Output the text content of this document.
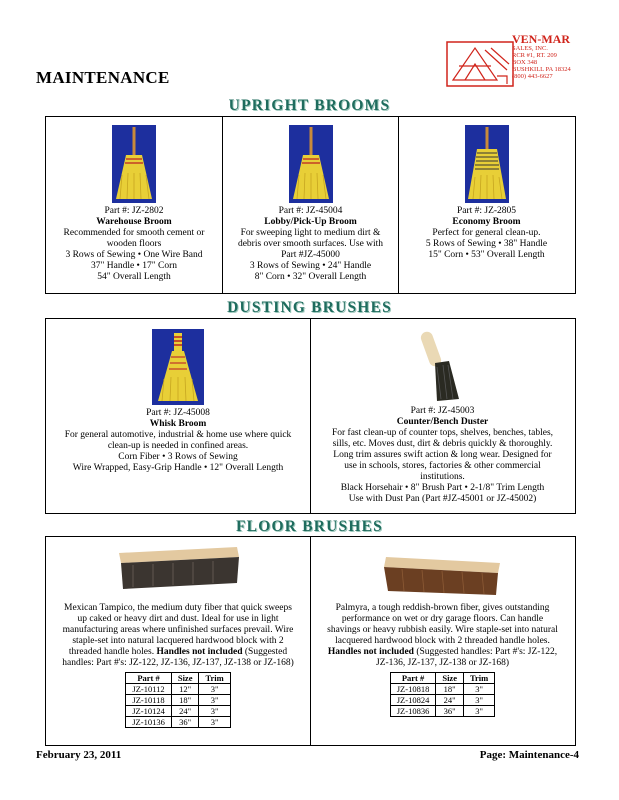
MAINTENANCE
VEN-MAR
SALES, INC.
RCR #1, RT. 209
BOX 348
BUSHKILL PA 18324
(800) 443-6627
UPRIGHT BROOMS
Part #: JZ-2802
Warehouse Broom

Recommended for smooth cement or

wooden floors

3 Rows of Sewing • One Wire Band

37" Handle • 17" Corn

54" Overall Length

Part #: JZ-45004
Lobby/Pick-Up Broom

For sweeping light to medium dirt &

debris over smooth surfaces. Use with

Part #JZ-45000

3 Rows of Sewing • 24" Handle

8" Corn • 32" Overall Length

Part #: JZ-2805
Economy Broom

Perfect for general clean-up.

5 Rows of Sewing • 38" Handle

15" Corn • 53" Overall Length

DUSTING BRUSHES
Part #: JZ-45008
Whisk Broom

For general automotive, industrial & home use where quick

clean-up is needed in confined areas.

Corn Fiber • 3 Rows of Sewing

Wire Wrapped, Easy-Grip Handle • 12" Overall Length

Part #: JZ-45003
Counter/Bench Duster

For fast clean-up of counter tops, shelves, benches, tables,

sills, etc. Moves dust, dirt & debris quickly & thoroughly.

Long trim assures swift action & long wear. Designed for

use in schools, stores, factories & other commercial

institutions.

Black Horsehair • 8" Brush Part • 2-1/8" Trim Length

Use with Dust Pan (Part #JZ-45001 or JZ-45002)

FLOOR BRUSHES

Mexican Tampico, the medium duty fiber that quick sweeps

up caked or heavy dirt and dust. Ideal for use in light

manufacturing areas where unfinished surfaces prevail. Wire

staple-set into natural lacquered hardwood block with 2

threaded handle holes. Handles not included (Suggested

handles: Part #'s: JZ-122, JZ-136, JZ-137, JZ-138 or JZ-168)

Part #	Size	Trim
JZ-10112	12"	3"
JZ-10118	18"	3"
JZ-10124	24"	3"
JZ-10136	36"	3"

Palmyra, a tough reddish-brown fiber, gives outstanding

performance on wet or dry garage floors. Can handle

shavings or heavy rubbish easily. Wire staple-set into natural

lacquered hardwood block with 2 threaded handle holes.

Handles not included (Suggested handles: Part #'s: JZ-122,

JZ-136, JZ-137, JZ-138 or JZ-168)

Part #	Size	Trim
JZ-10818	18"	3"
JZ-10824	24"	3"
JZ-10836	36"	3"
February 23, 2011	Page: Maintenance-4
